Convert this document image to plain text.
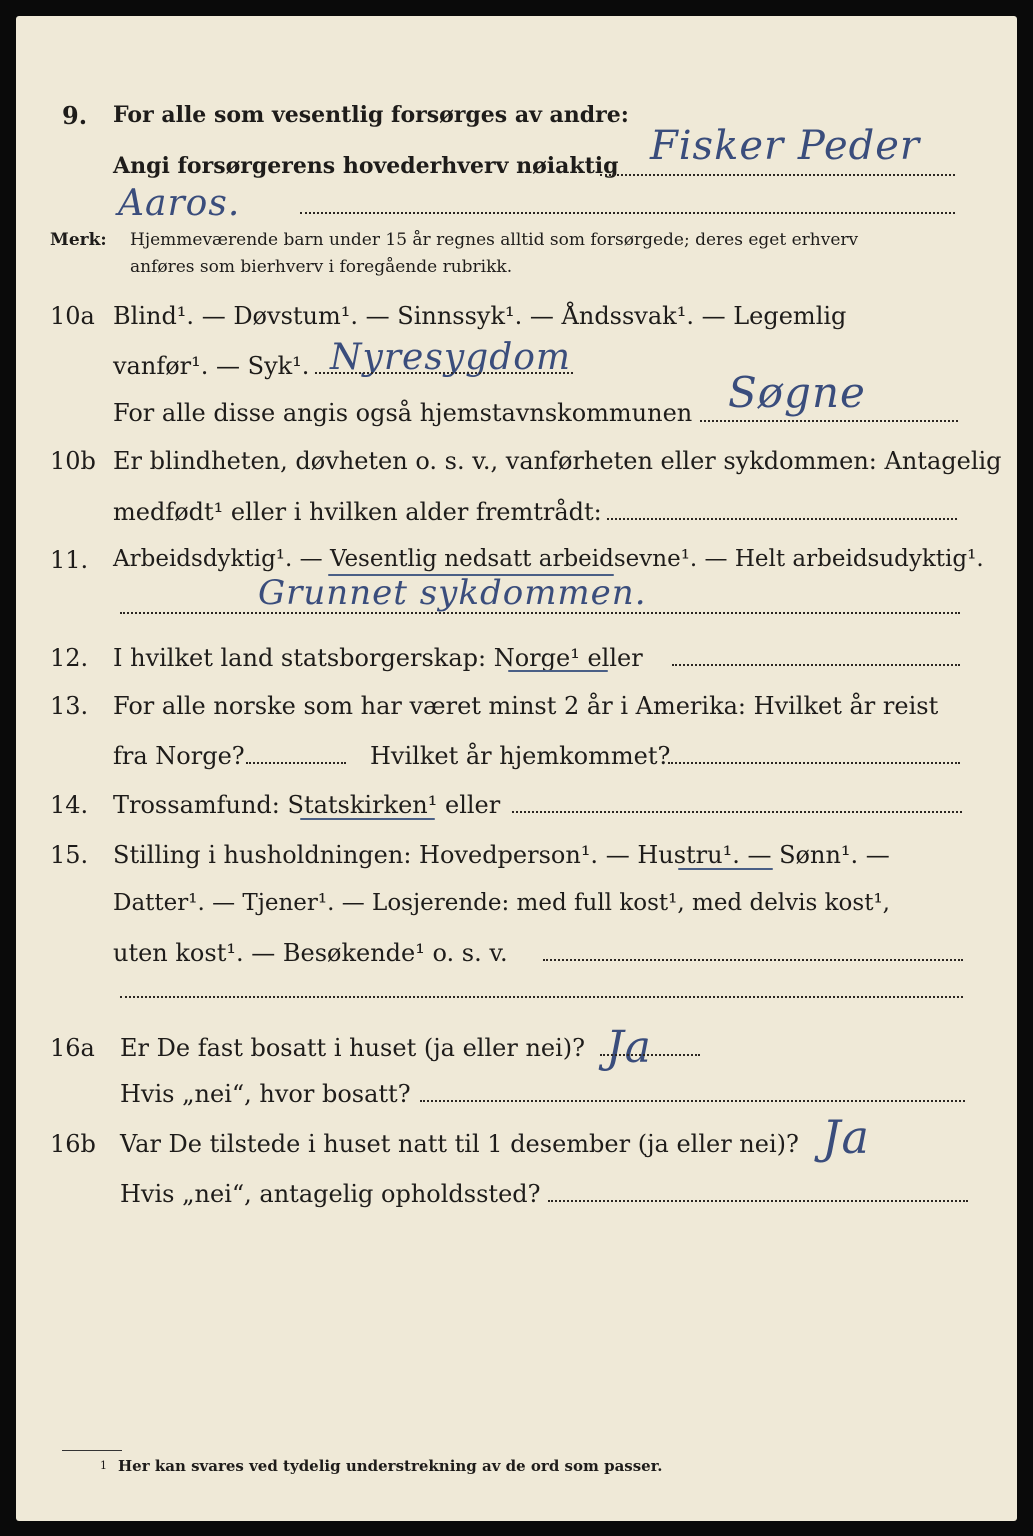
9. For alle som vesentlig forsørges av andre:
Fisker Peder
Angi forsørgerens hovederhverv nøiaktig
Aaros.
Merk: Hjemmeværende barn under 15 år regnes alltid som forsørgede; deres eget erhverv
anføres som bierhverv i foregående rubrikk.
10a Blind¹. — Døvstum¹. — Sinnssyk¹. — Åndssvak¹. — Legemlig
vanfør¹. — Syk¹. Nyresygdom
For alle disse angis også hjemstavnskommunen Søgne
10b Er blindheten, døvheten o. s. v., vanførheten eller sykdommen: Antagelig
medfødt¹ eller i hvilken alder fremtrådt:
11. Arbeidsdyktig¹. — Vesentlig nedsatt arbeidsevne¹. — Helt arbeidsudyktig¹.
Grunnet sykdommen.
12. I hvilket land statsborgerskap: Norge¹ eller
13. For alle norske som har været minst 2 år i Amerika: Hvilket år reist
fra Norge?	Hvilket år hjemkommet?
14. Trossamfund: Statskirken¹ eller
15. Stilling i husholdningen: Hovedperson¹. — Hustru¹. — Sønn¹. —
Datter¹. — Tjener¹. — Losjerende: med full kost¹, med delvis kost¹,
uten kost¹. — Besøkende¹ o. s. v.
16a Er De fast bosatt i huset (ja eller nei)? Ja
Hvis „nei“, hvor bosatt?
16b Var De tilstede i huset natt til 1 desember (ja eller nei)? Ja
Hvis „nei“, antagelig opholdssted?
1 Her kan svares ved tydelig understrekning av de ord som passer.
